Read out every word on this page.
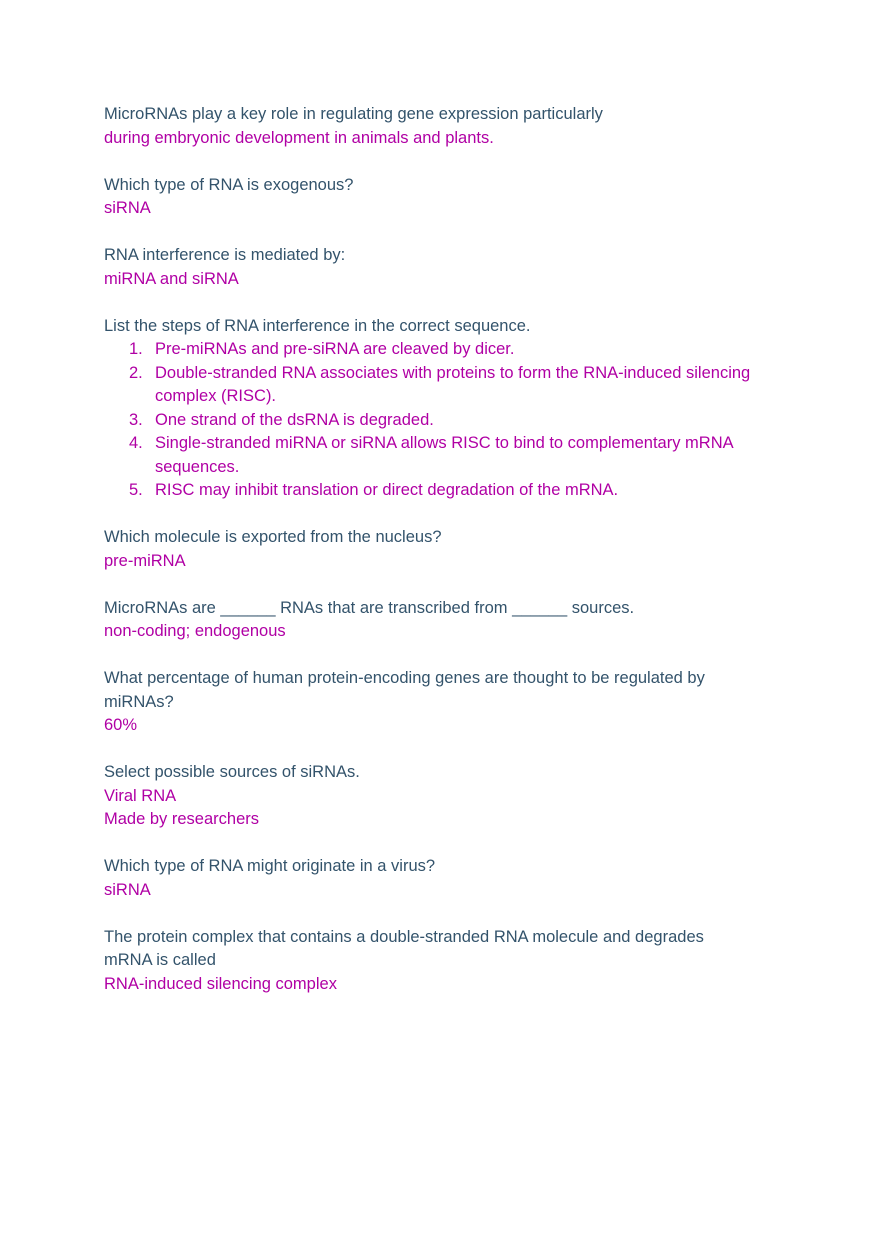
MicroRNAs play a key role in regulating gene expression particularly

during embryonic development in animals and plants.

Which type of RNA is exogenous?

siRNA

RNA interference is mediated by:

miRNA and siRNA

List the steps of RNA interference in the correct sequence.

1. Pre-miRNAs and pre-siRNA are cleaved by dicer.
2. Double-stranded RNA associates with proteins to form the RNA-induced silencing complex (RISC).
3. One strand of the dsRNA is degraded.
4. Single-stranded miRNA or siRNA allows RISC to bind to complementary mRNA sequences.
5. RISC may inhibit translation or direct degradation of the mRNA.

Which molecule is exported from the nucleus?

pre-miRNA

MicroRNAs are ______ RNAs that are transcribed from ______ sources.

non-coding; endogenous

What percentage of human protein-encoding genes are thought to be regulated by

miRNAs?

60%

Select possible sources of siRNAs.

Viral RNA

Made by researchers

Which type of RNA might originate in a virus?

siRNA

The protein complex that contains a double-stranded RNA molecule and degrades

mRNA is called

RNA-induced silencing complex
